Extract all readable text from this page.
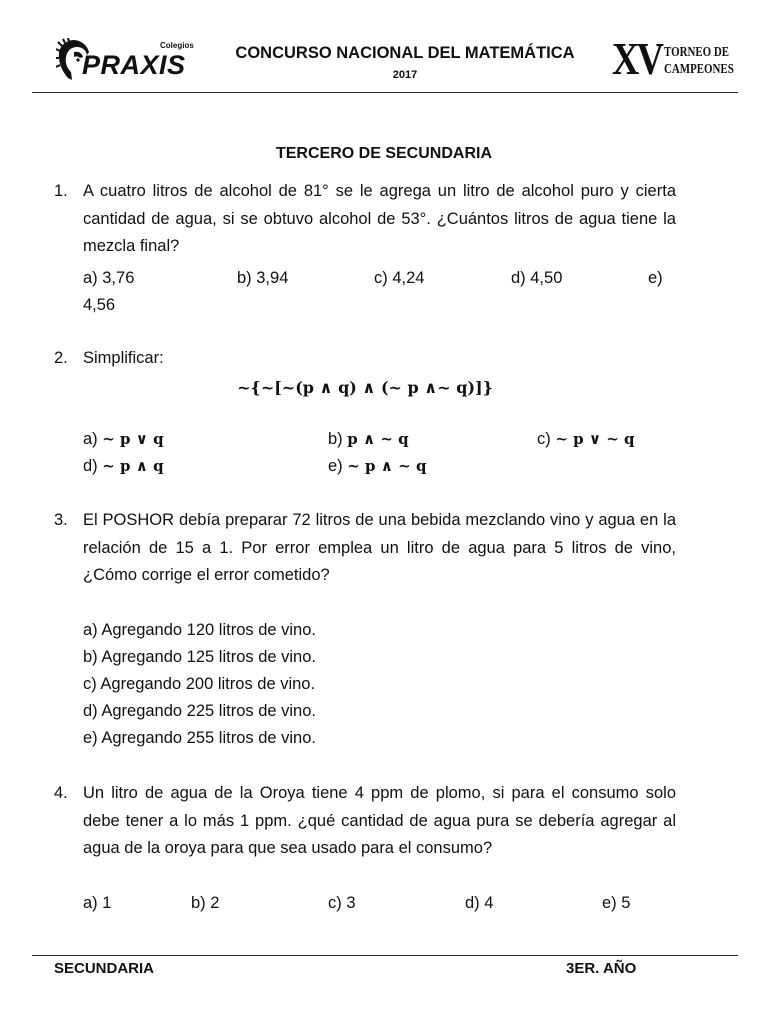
Colegios
PRAXIS	CONCURSO NACIONAL DEL MATEMÁTICA
2017	XV TORNEO DE
CAMPEONES
TERCERO DE SECUNDARIA
1. A cuatro litros de alcohol de 81° se le agrega un litro de alcohol puro y cierta cantidad de agua, si se obtuvo alcohol de 53°. ¿Cuántos litros de agua tiene la mezcla final?
a) 3,76	b) 3,94	c) 4,24	d) 4,50	e)
4,56
2. Simplificar:
~{~[~(p ∧ q) ∧ (~ p ∧~ q)]}
a) ~ p ∨ q	b) p ∧ ~ q	c) ~ p ∨ ~ q
d) ~ p ∧ q	e) ~ p ∧ ~ q
3. El POSHOR debía preparar 72 litros de una bebida mezclando vino y agua en la relación de 15 a 1. Por error emplea un litro de agua para 5 litros de vino, ¿Cómo corrige el error cometido?
a) Agregando 120 litros de vino.
b) Agregando 125 litros de vino.
c) Agregando 200 litros de vino.
d) Agregando 225 litros de vino.
e) Agregando 255 litros de vino.
4. Un litro de agua de la Oroya tiene 4 ppm de plomo, si para el consumo solo debe tener a lo más 1 ppm. ¿qué cantidad de agua pura se debería agregar al agua de la oroya para que sea usado para el consumo?
a) 1	b) 2	c) 3	d) 4	e) 5
SECUNDARIA	3ER. AÑO
